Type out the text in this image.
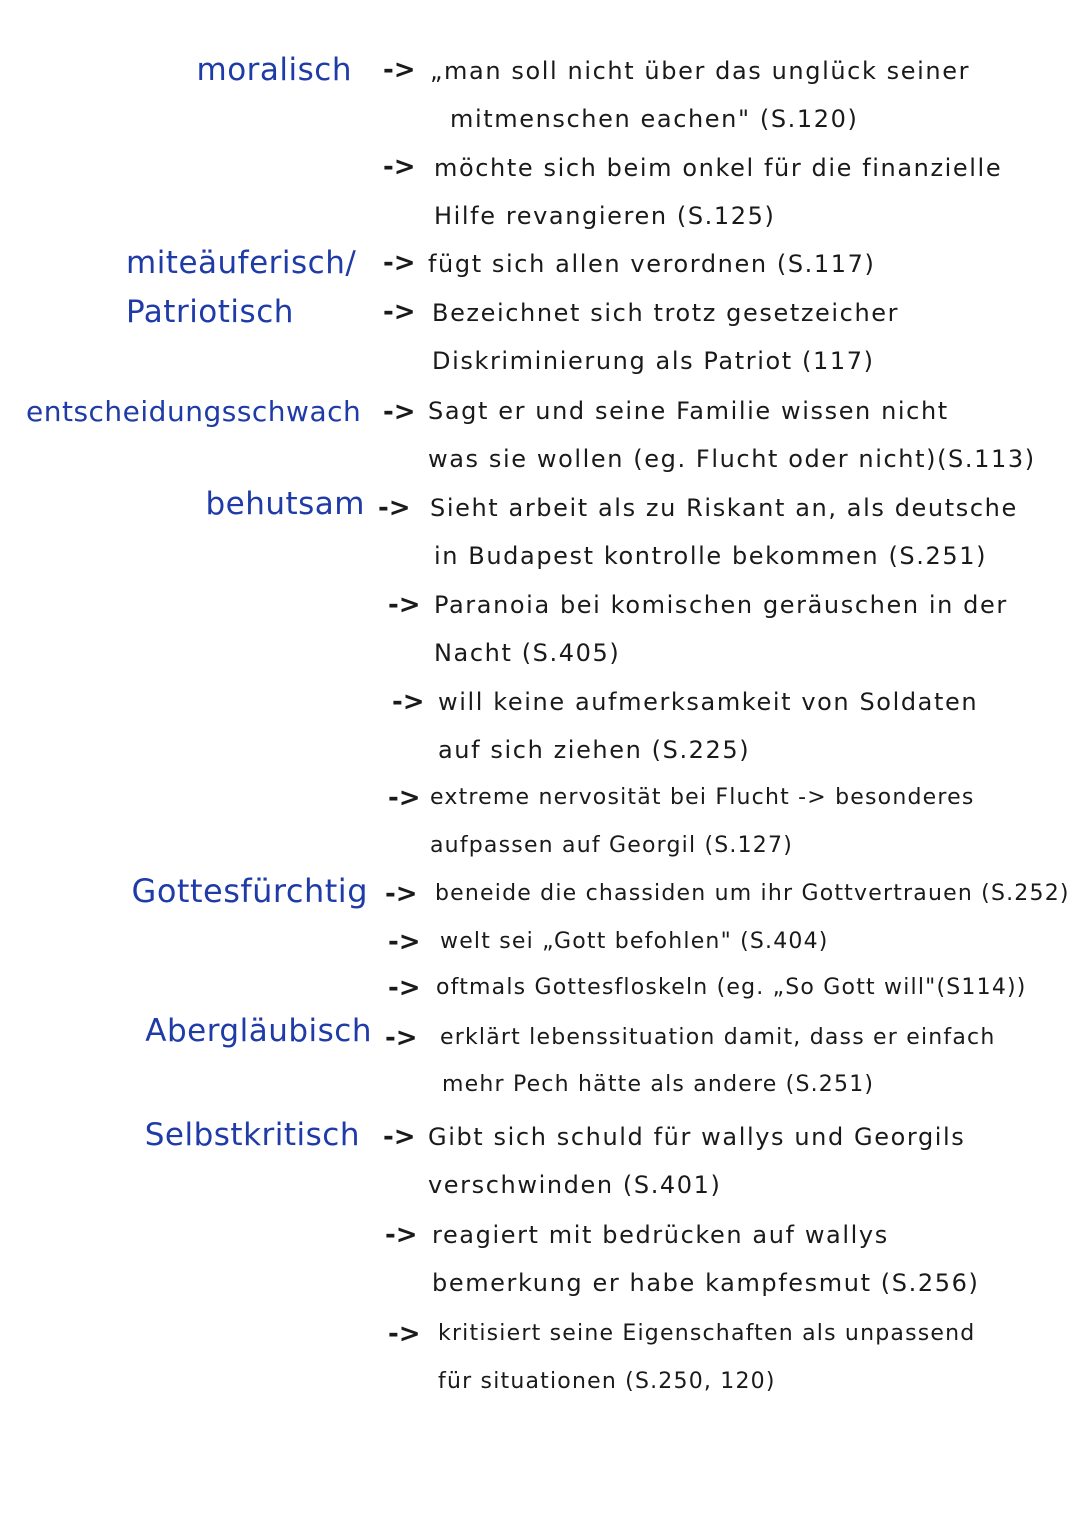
moralisch -> „man soll nicht über das unglück seiner
mitmenschen eachen" (S.120)
-> möchte sich beim onkel für die finanzielle
Hilfe revangieren (S.125)
miteäuferisch/ -> fügt sich allen verordnen (S.117)
Patriotisch	-> Bezeichnet sich trotz gesetzeicher
Diskriminierung als Patriot (117)
entscheidungsschwach -> Sagt er und seine Familie wissen nicht
was sie wollen (eg. Flucht oder nicht)(S.113)
behutsam -> Sieht arbeit als zu Riskant an, als deutsche
in Budapest kontrolle bekommen (S.251)
-> Paranoia bei komischen geräuschen in der
Nacht (S.405)
-> will keine aufmerksamkeit von Soldaten
auf sich ziehen (S.225)
-> extreme nervosität bei Flucht -> besonderes
aufpassen auf Georgil (S.127)
Gottesfürchtig -> beneide die chassiden um ihr Gottvertrauen (S.252)
-> welt sei „Gott befohlen" (S.404)
-> oftmals Gottesfloskeln (eg. „So Gott will"(S114))
Abergläubisch -> erklärt lebenssituation damit, dass er einfach
mehr Pech hätte als andere (S.251)
Selbstkritisch -> Gibt sich schuld für wallys und Georgils
verschwinden (S.401)
-> reagiert mit bedrücken auf wallys
bemerkung er habe kampfesmut (S.256)
-> kritisiert seine Eigenschaften als unpassend
für situationen (S.250, 120)
